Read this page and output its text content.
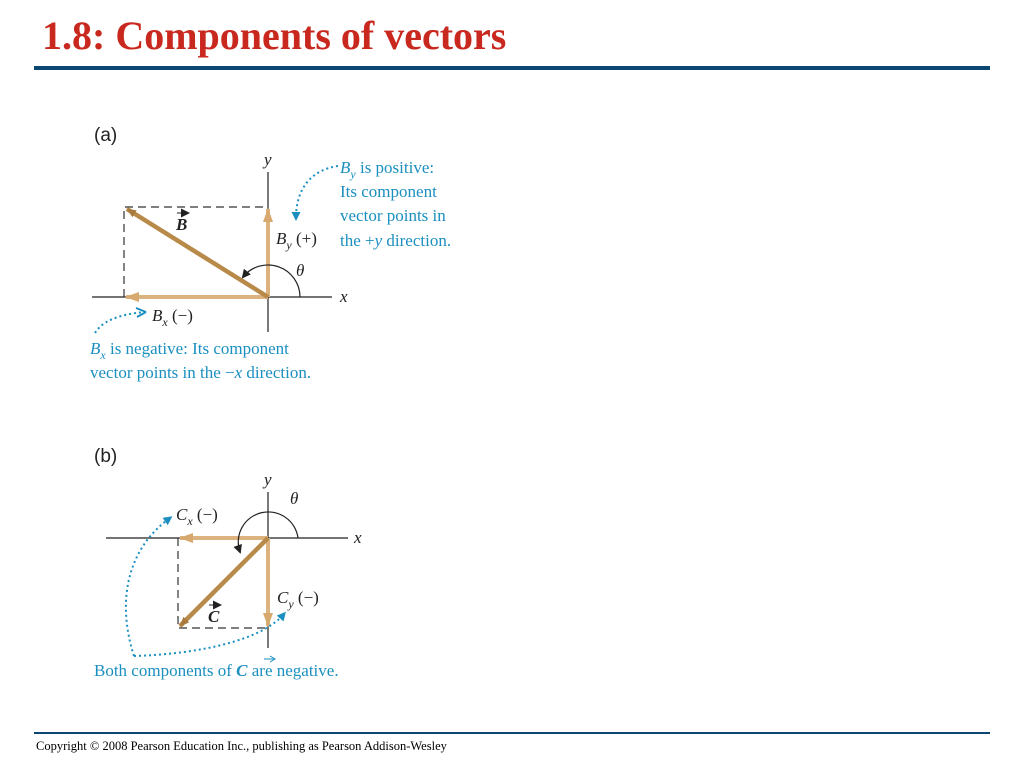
1.8: Components of vectors
(a)
x
y
θ
B
$B_y$ (+)
$B_x$ (−)
$B_y$ is positive:
Its component
vector points in
the +y direction.
$B_x$ is negative: Its component
vector points in the −x direction.
(b)
x
y
θ
C
$C_x$ (−)
$C_y$ (−)
Both components of C are negative.
Copyright © 2008 Pearson Education Inc., publishing as Pearson Addison-Wesley
